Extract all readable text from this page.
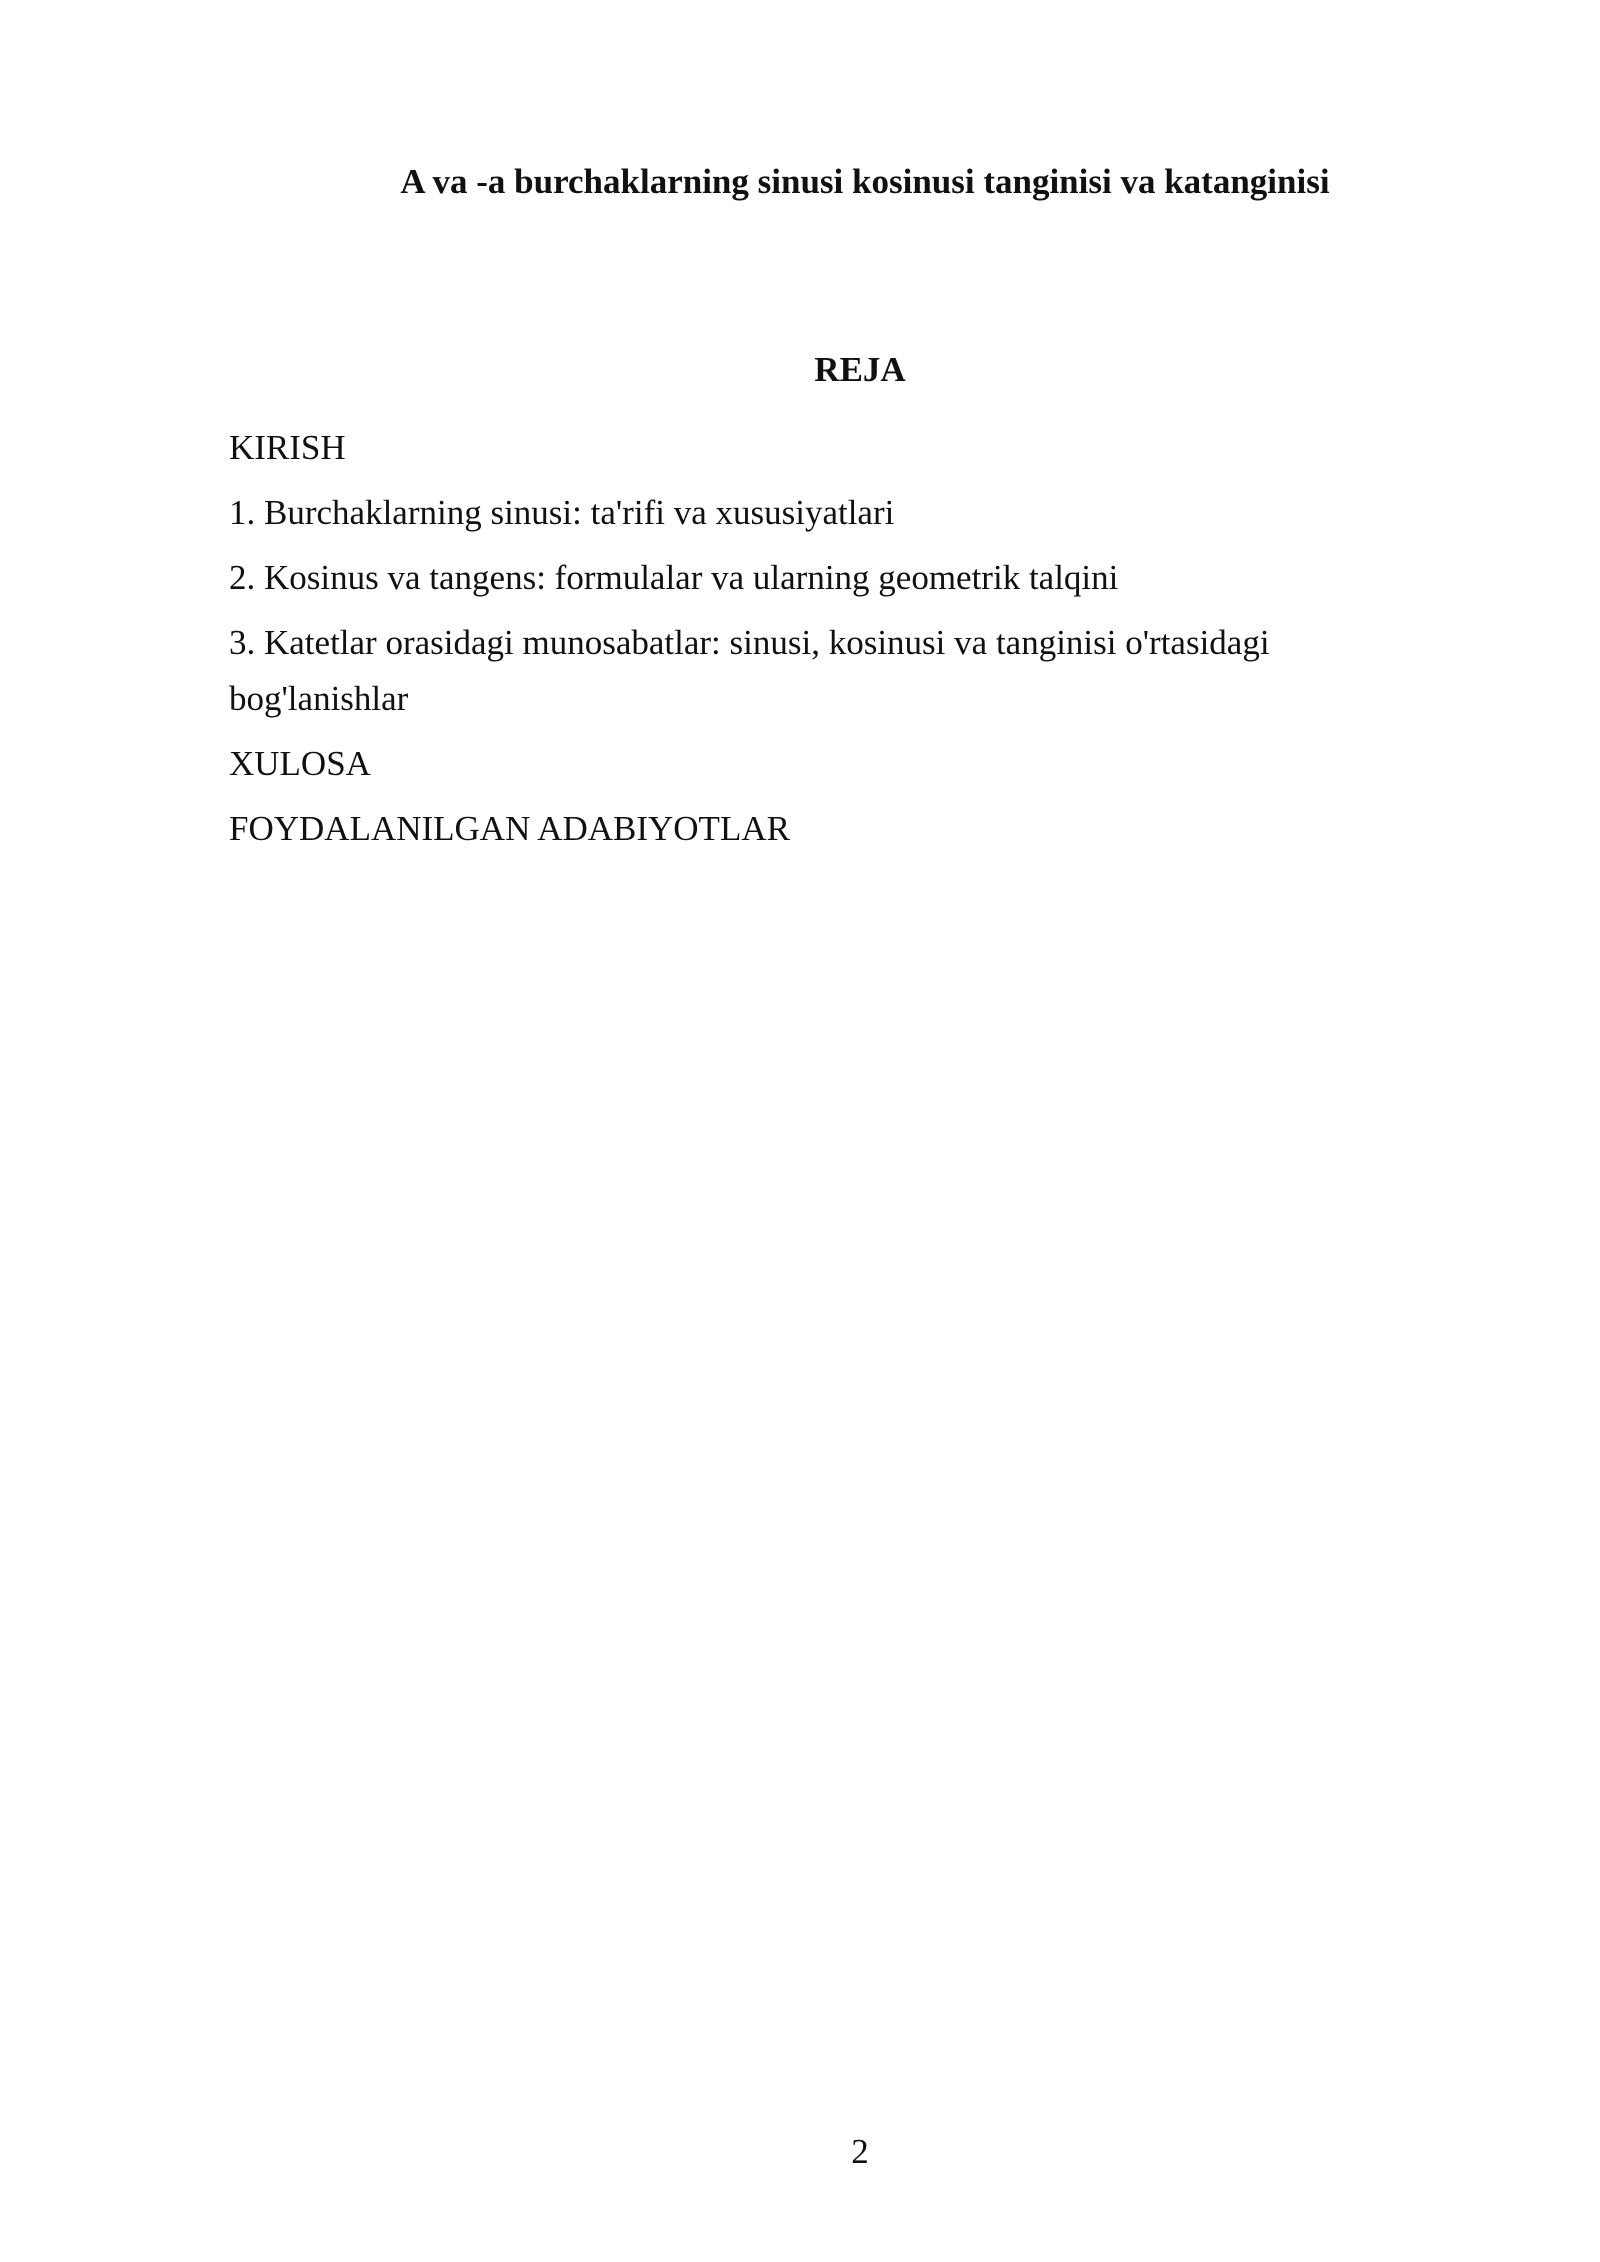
A va -a burchaklarning sinusi kosinusi tanginisi va katanginisi
REJA
KIRISH
1. Burchaklarning sinusi: ta'rifi va xususiyatlari
2. Kosinus va tangens: formulalar va ularning geometrik talqini
3. Katetlar orasidagi munosabatlar: sinusi, kosinusi va tanginisi o'rtasidagi bog'lanishlar
XULOSA
FOYDALANILGAN ADABIYOTLAR
2
